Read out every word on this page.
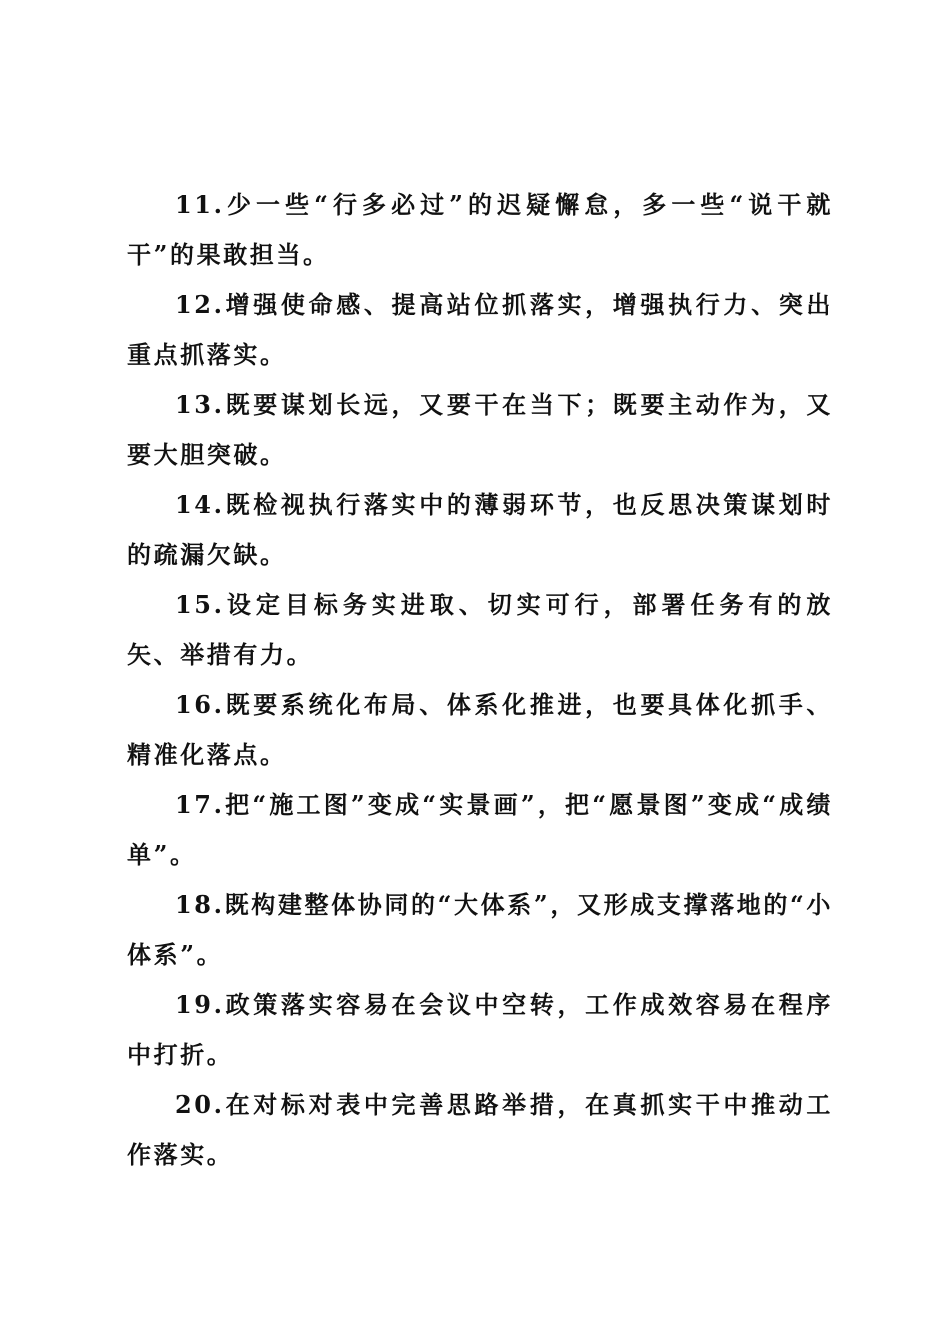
11.少一些“行多必过”的迟疑懈怠，多一些“说干就干”的果敢担当。

12.增强使命感、提高站位抓落实，增强执行力、突出重点抓落实。

13.既要谋划长远，又要干在当下；既要主动作为，又要大胆突破。

14.既检视执行落实中的薄弱环节，也反思决策谋划时的疏漏欠缺。

15.设定目标务实进取、切实可行，部署任务有的放矢、举措有力。

16.既要系统化布局、体系化推进，也要具体化抓手、精准化落点。

17.把“施工图”变成“实景画”，把“愿景图”变成“成绩单”。

18.既构建整体协同的“大体系”，又形成支撑落地的“小体系”。

19.政策落实容易在会议中空转，工作成效容易在程序中打折。

20.在对标对表中完善思路举措，在真抓实干中推动工作落实。
